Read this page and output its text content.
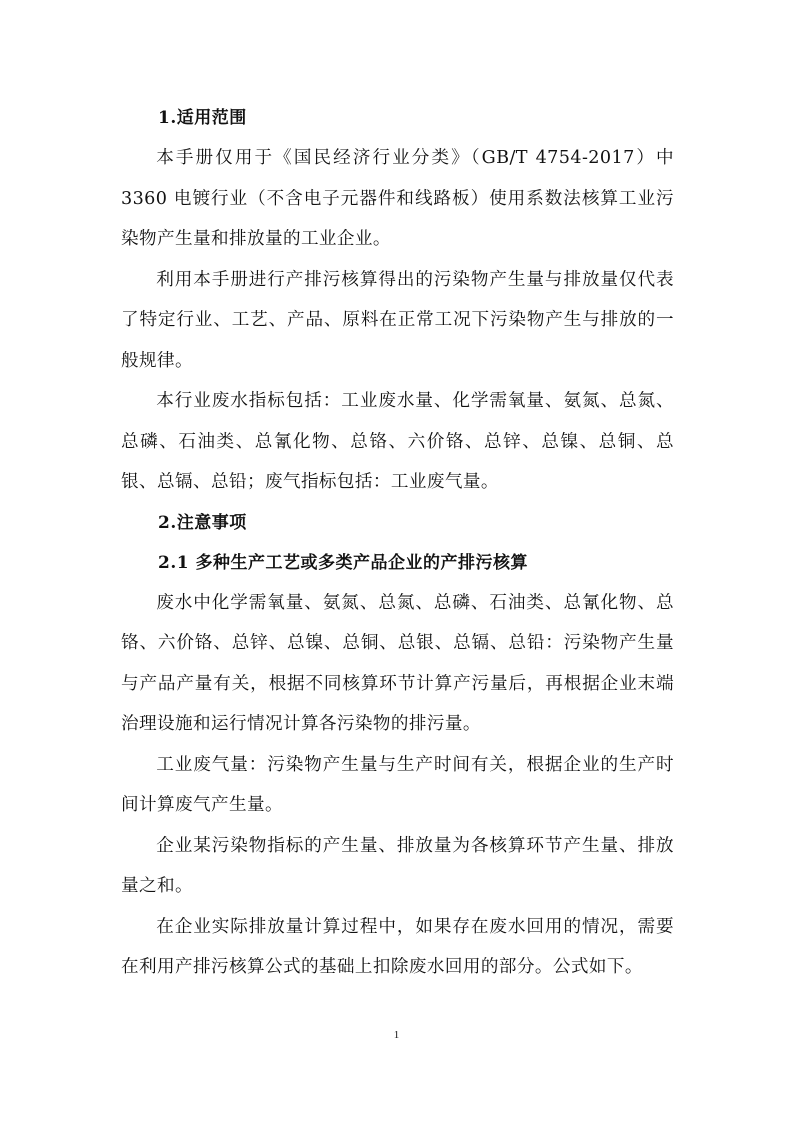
1.适用范围

本手册仅用于《国民经济行业分类》（GB/T 4754-2017）中 3360 电镀行业（不含电子元器件和线路板）使用系数法核算工业污染物产生量和排放量的工业企业。

利用本手册进行产排污核算得出的污染物产生量与排放量仅代表了特定行业、工艺、产品、原料在正常工况下污染物产生与排放的一般规律。

本行业废水指标包括：工业废水量、化学需氧量、氨氮、总氮、总磷、石油类、总氰化物、总铬、六价铬、总锌、总镍、总铜、总银、总镉、总铅；废气指标包括：工业废气量。

2.注意事项
2.1 多种生产工艺或多类产品企业的产排污核算

废水中化学需氧量、氨氮、总氮、总磷、石油类、总氰化物、总铬、六价铬、总锌、总镍、总铜、总银、总镉、总铅：污染物产生量与产品产量有关，根据不同核算环节计算产污量后，再根据企业末端治理设施和运行情况计算各污染物的排污量。

工业废气量：污染物产生量与生产时间有关，根据企业的生产时间计算废气产生量。

企业某污染物指标的产生量、排放量为各核算环节产生量、排放量之和。

在企业实际排放量计算过程中，如果存在废水回用的情况，需要在利用产排污核算公式的基础上扣除废水回用的部分。公式如下。

1
